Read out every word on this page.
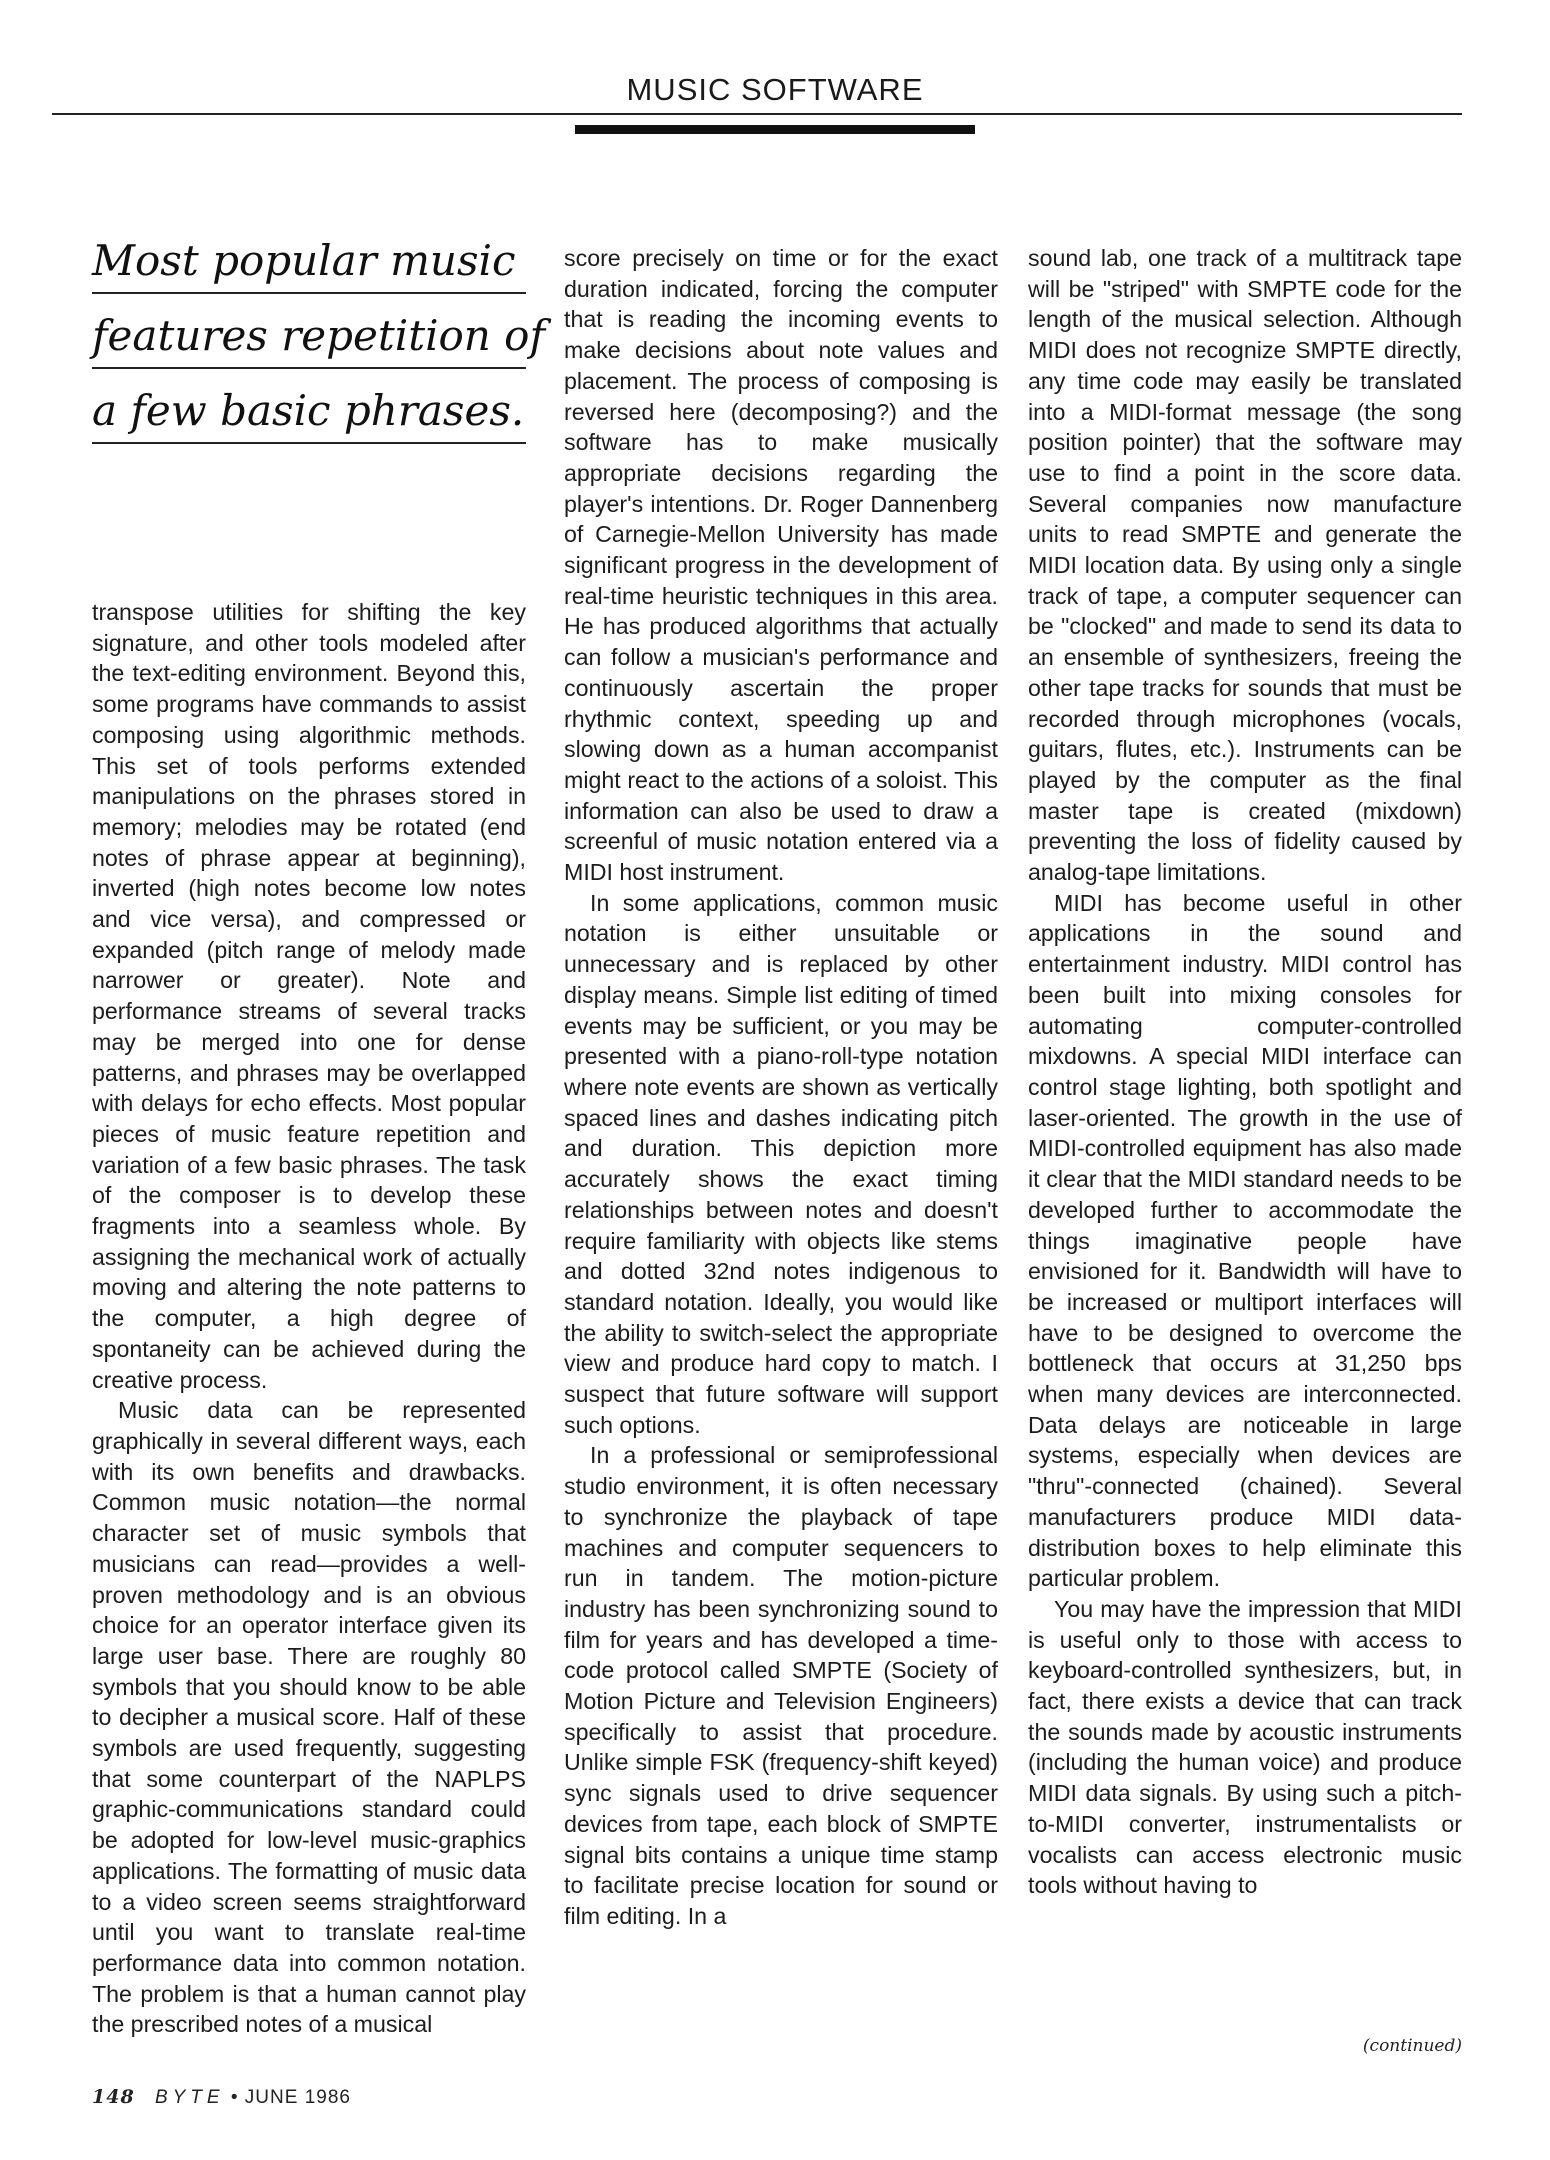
MUSIC SOFTWARE
Most popular music
features repetition of
a few basic phrases.

transpose utilities for shifting the key signature, and other tools modeled after the text-editing environment. Beyond this, some programs have commands to assist composing using algorithmic methods. This set of tools performs extended manipulations on the phrases stored in memory; melodies may be rotated (end notes of phrase appear at beginning), inverted (high notes become low notes and vice versa), and compressed or expanded (pitch range of melody made narrower or greater). Note and performance streams of several tracks may be merged into one for dense patterns, and phrases may be overlapped with delays for echo effects. Most popular pieces of music feature repetition and variation of a few basic phrases. The task of the composer is to develop these fragments into a seamless whole. By assigning the mechanical work of actually moving and altering the note patterns to the computer, a high degree of spontaneity can be achieved during the creative process.

Music data can be represented graphically in several different ways, each with its own benefits and drawbacks. Common music notation—the normal character set of music symbols that musicians can read—provides a well-proven methodology and is an obvious choice for an operator interface given its large user base. There are roughly 80 symbols that you should know to be able to decipher a musical score. Half of these symbols are used frequently, suggesting that some counterpart of the NAPLPS graphic-communications standard could be adopted for low-level music-graphics applications. The formatting of music data to a video screen seems straightforward until you want to translate real-time performance data into common notation. The problem is that a human cannot play the prescribed notes of a musical

score precisely on time or for the exact duration indicated, forcing the computer that is reading the incoming events to make decisions about note values and placement. The process of composing is reversed here (decomposing?) and the software has to make musically appropriate decisions regarding the player's intentions. Dr. Roger Dannenberg of Carnegie-Mellon University has made significant progress in the development of real-time heuristic techniques in this area. He has produced algorithms that actually can follow a musician's performance and continuously ascertain the proper rhythmic context, speeding up and slowing down as a human accompanist might react to the actions of a soloist. This information can also be used to draw a screenful of music notation entered via a MIDI host instrument.

In some applications, common music notation is either unsuitable or unnecessary and is replaced by other display means. Simple list editing of timed events may be sufficient, or you may be presented with a piano-roll-type notation where note events are shown as vertically spaced lines and dashes indicating pitch and duration. This depiction more accurately shows the exact timing relationships between notes and doesn't require familiarity with objects like stems and dotted 32nd notes indigenous to standard notation. Ideally, you would like the ability to switch-select the appropriate view and produce hard copy to match. I suspect that future software will support such options.

In a professional or semiprofessional studio environment, it is often necessary to synchronize the playback of tape machines and computer sequencers to run in tandem. The motion-picture industry has been synchronizing sound to film for years and has developed a time-code protocol called SMPTE (Society of Motion Picture and Television Engineers) specifically to assist that procedure. Unlike simple FSK (frequency-shift keyed) sync signals used to drive sequencer devices from tape, each block of SMPTE signal bits contains a unique time stamp to facilitate precise location for sound or film editing. In a

sound lab, one track of a multitrack tape will be "striped" with SMPTE code for the length of the musical selection. Although MIDI does not recognize SMPTE directly, any time code may easily be translated into a MIDI-format message (the song position pointer) that the software may use to find a point in the score data. Several companies now manufacture units to read SMPTE and generate the MIDI location data. By using only a single track of tape, a computer sequencer can be "clocked" and made to send its data to an ensemble of synthesizers, freeing the other tape tracks for sounds that must be recorded through microphones (vocals, guitars, flutes, etc.). Instruments can be played by the computer as the final master tape is created (mixdown) preventing the loss of fidelity caused by analog-tape limitations.

MIDI has become useful in other applications in the sound and entertainment industry. MIDI control has been built into mixing consoles for automating computer-controlled mixdowns. A special MIDI interface can control stage lighting, both spotlight and laser-oriented. The growth in the use of MIDI-controlled equipment has also made it clear that the MIDI standard needs to be developed further to accommodate the things imaginative people have envisioned for it. Bandwidth will have to be increased or multiport interfaces will have to be designed to overcome the bottleneck that occurs at 31,250 bps when many devices are interconnected. Data delays are noticeable in large systems, especially when devices are "thru"-connected (chained). Several manufacturers produce MIDI data-distribution boxes to help eliminate this particular problem.

You may have the impression that MIDI is useful only to those with access to keyboard-controlled synthesizers, but, in fact, there exists a device that can track the sounds made by acoustic instruments (including the human voice) and produce MIDI data signals. By using such a pitch-to-MIDI converter, instrumentalists or vocalists can access electronic music tools without having to

(continued)
148 BYTE • JUNE 1986
